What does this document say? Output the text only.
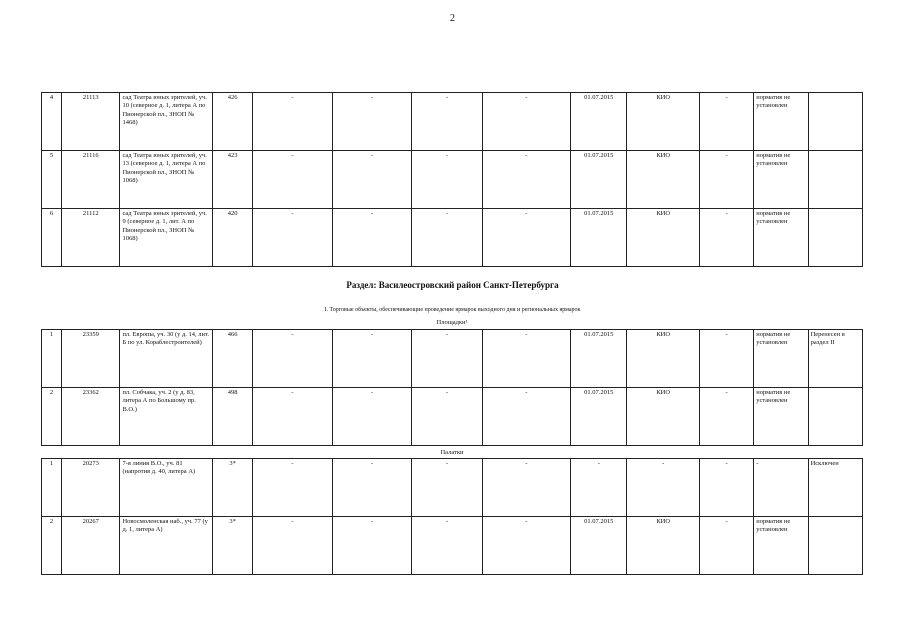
2
4	21113	сад Театра юных зрителей, уч. 10 (северное д. 1, литера А по Пионерской пл., ЗНОП № 1468)	426	-	-	-	-	01.07.2015	КИО	-	норматив не установлен	
5	21116	сад Театра юных зрителей, уч. 13 (северное д. 1, литера А по Пионерской пл., ЗНОП № 1068)	423	-	-	-	-	01.07.2015	КИО	-	норматив не установлен	
6	21112	сад Театра юных зрителей, уч. 9 (северное д. 1, лит. А по Пионерской пл., ЗНОП № 1068)	420	-	-	-	-	01.07.2015	КИО	-	норматив не установлен	
Раздел: Василеостровский район Санкт-Петербурга
I. Торговые объекты, обеспечивающие проведение ярмарок выходного дня и региональных ярмарок
Площадки¹
1	23359	пл. Европы, уч. 30 (у д. 14, лит. Б по ул. Кораблестроителей)	466	-	-	-	-	01.07.2015	КИО	-	норматив не установлен	Перенесен в раздел II
2	23362	пл. Собчака, уч. 2 (у д. 83, литера А по Большому пр. В.О.)	498	-	-	-	-	01.07.2015	КИО	-	норматив не установлен	
Палатки
1	20273	7-я линия В.О., уч. 81 (напротив д. 40, литера А)	3*	-	-	-	-	-	-	-	-	Исключен
2	20267	Новосмоленская наб., уч. 77 (у д. 1, литера А)	3*	-	-	-	-	01.07.2015	КИО	-	норматив не установлен	
